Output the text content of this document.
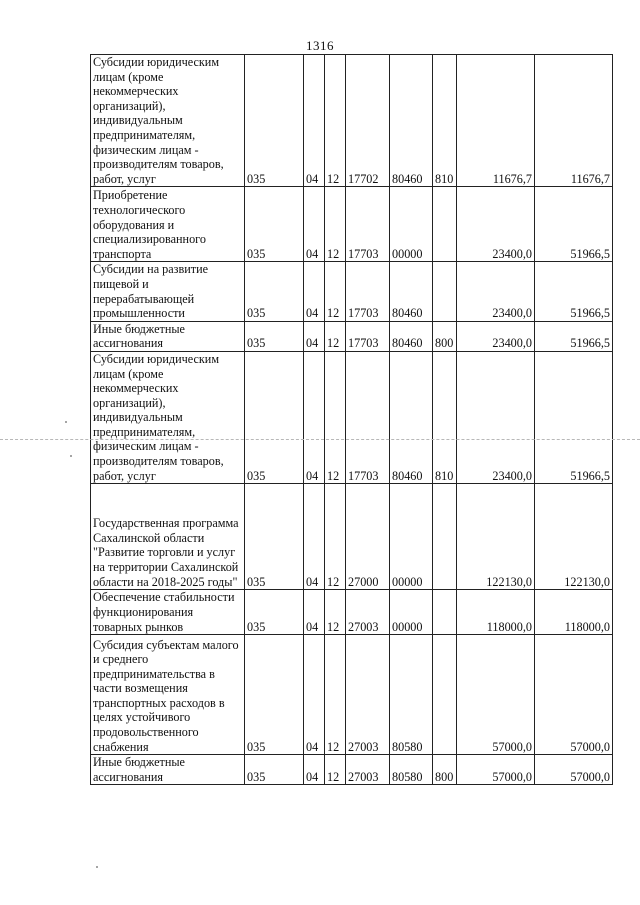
1316
Субсидии юридическим лицам (кроме некоммерческих организаций), индивидуальным предпринимателям, физическим лицам - производителям товаров, работ, услуг	035	04	12	17702	80460	810	11676,7	11676,7
Приобретение технологического оборудования и специализированного транспорта	035	04	12	17703	00000		23400,0	51966,5
Субсидии на развитие пищевой и перерабатывающей промышленности	035	04	12	17703	80460		23400,0	51966,5
Иные бюджетные ассигнования	035	04	12	17703	80460	800	23400,0	51966,5
Субсидии юридическим лицам (кроме некоммерческих организаций), индивидуальным предпринимателям, физическим лицам - производителям товаров, работ, услуг	035	04	12	17703	80460	810	23400,0	51966,5
Государственная программа Сахалинской области "Развитие торговли и услуг на территории Сахалинской области на 2018-2025 годы"	035	04	12	27000	00000		122130,0	122130,0
Обеспечение стабильности функционирования товарных рынков	035	04	12	27003	00000		118000,0	118000,0
Субсидия субъектам малого и среднего предпринимательства в части возмещения транспортных расходов в целях устойчивого продовольственного снабжения	035	04	12	27003	80580		57000,0	57000,0
Иные бюджетные ассигнования	035	04	12	27003	80580	800	57000,0	57000,0
